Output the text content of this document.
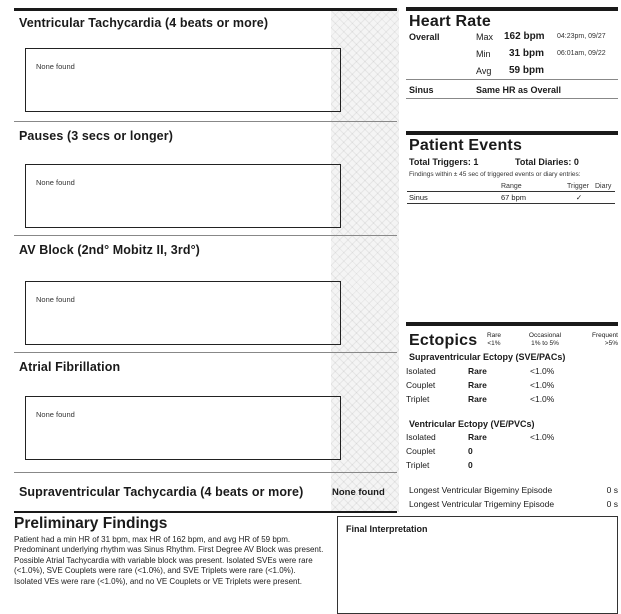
Ventricular Tachycardia (4 beats or more)
None found
Pauses (3 secs or longer)
None found
AV Block (2nd° Mobitz II, 3rd°)
None found
Atrial Fibrillation
None found
Supraventricular Tachycardia (4 beats or more)	None found
Heart Rate
Overall	Max 162 bpm 04:23pm, 09/27
Min 31 bpm 06:01am, 09/22
Avg 59 bpm
Sinus	Same HR as Overall
Patient Events
Total Triggers: 1	Total Diaries: 0
Findings within ± 45 sec of triggered events or diary entries:
	Range	Trigger	Diary
Sinus	67 bpm	✓	
Ectopics	Rare
<1%
Occasional
1% to 5%
Frequent
>5%
Supraventricular Ectopy (SVE/PACs)
Isolated	Rare	<1.0%
Couplet	Rare	<1.0%
Triplet	Rare	<1.0%
Ventricular Ectopy (VE/PVCs)
Isolated	Rare	<1.0%
Couplet	0
Triplet	0
Longest Ventricular Bigeminy Episode	0 s
Longest Ventricular Trigeminy Episode	0 s
Preliminary Findings
Patient had a min HR of 31 bpm, max HR of 162 bpm, and avg HR of 59 bpm. Predominant underlying rhythm was Sinus Rhythm. First Degree AV Block was present. Possible Atrial Tachycardia with variable block was present. Isolated SVEs were rare (<1.0%), SVE Couplets were rare (<1.0%), and SVE Triplets were rare (<1.0%). Isolated VEs were rare (<1.0%), and no VE Couplets or VE Triplets were present.
Final Interpretation
